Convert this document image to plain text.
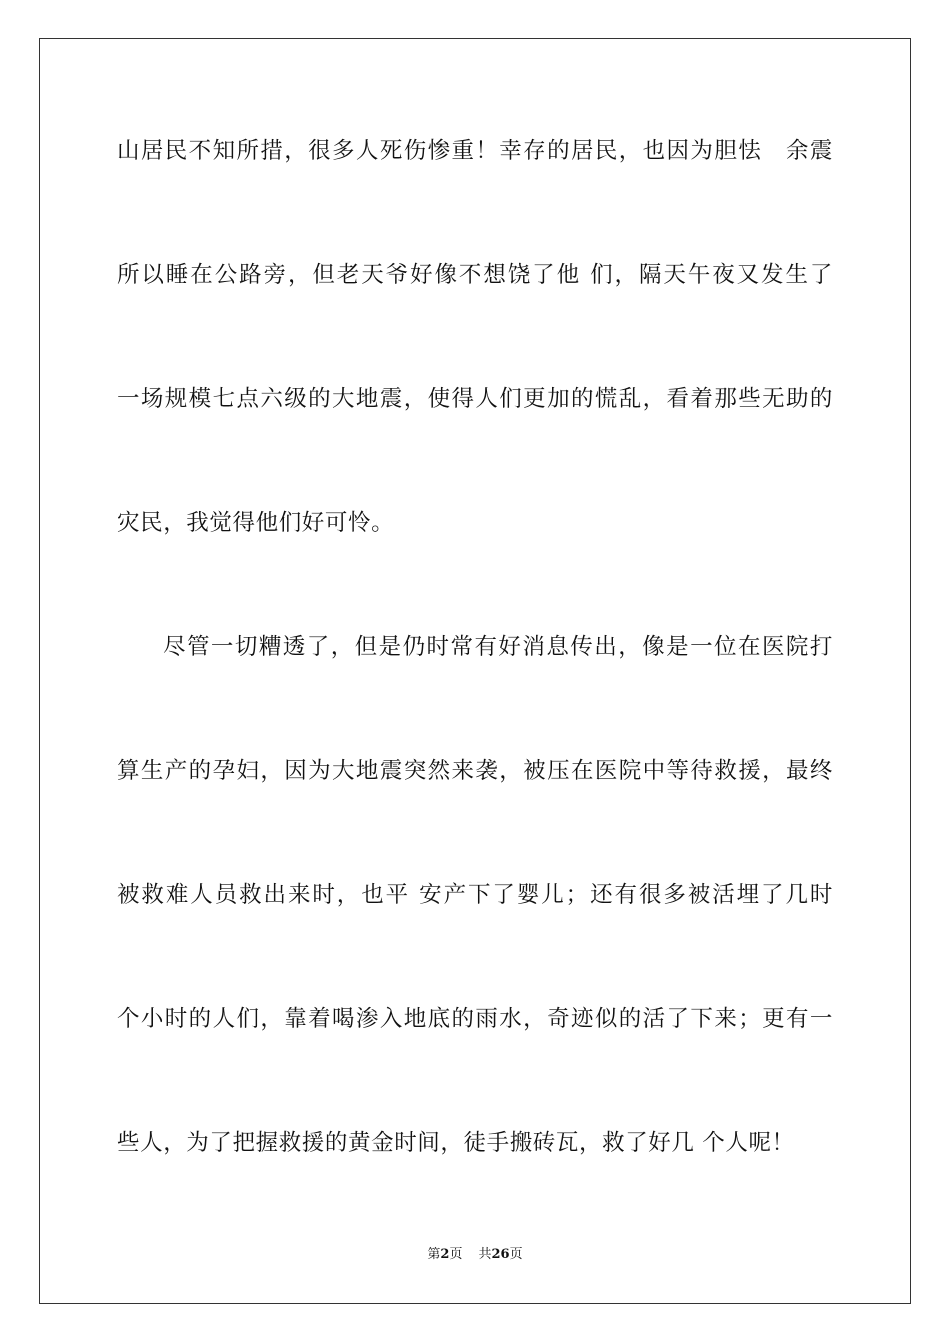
山居民不知所措，很多人死伤惨重！幸存的居民，也因为胆怯　余震
所以睡在公路旁，但老天爷好像不想饶了他 们，隔天午夜又发生了
一场规模七点六级的大地震，使得人们更加的慌乱，看着那些无助的
灾民，我觉得他们好可怜。
尽管一切糟透了，但是仍时常有好消息传出，像是一位在医院打
算生产的孕妇，因为大地震突然来袭，被压在医院中等待救援，最终
被救难人员救出来时，也平 安产下了婴儿；还有很多被活埋了几时
个小时的人们，靠着喝渗入地底的雨水，奇迹似的活了下来；更有一
些人，为了把握救援的黄金时间，徒手搬砖瓦，救了好几 个人呢！
第2页 共26页
